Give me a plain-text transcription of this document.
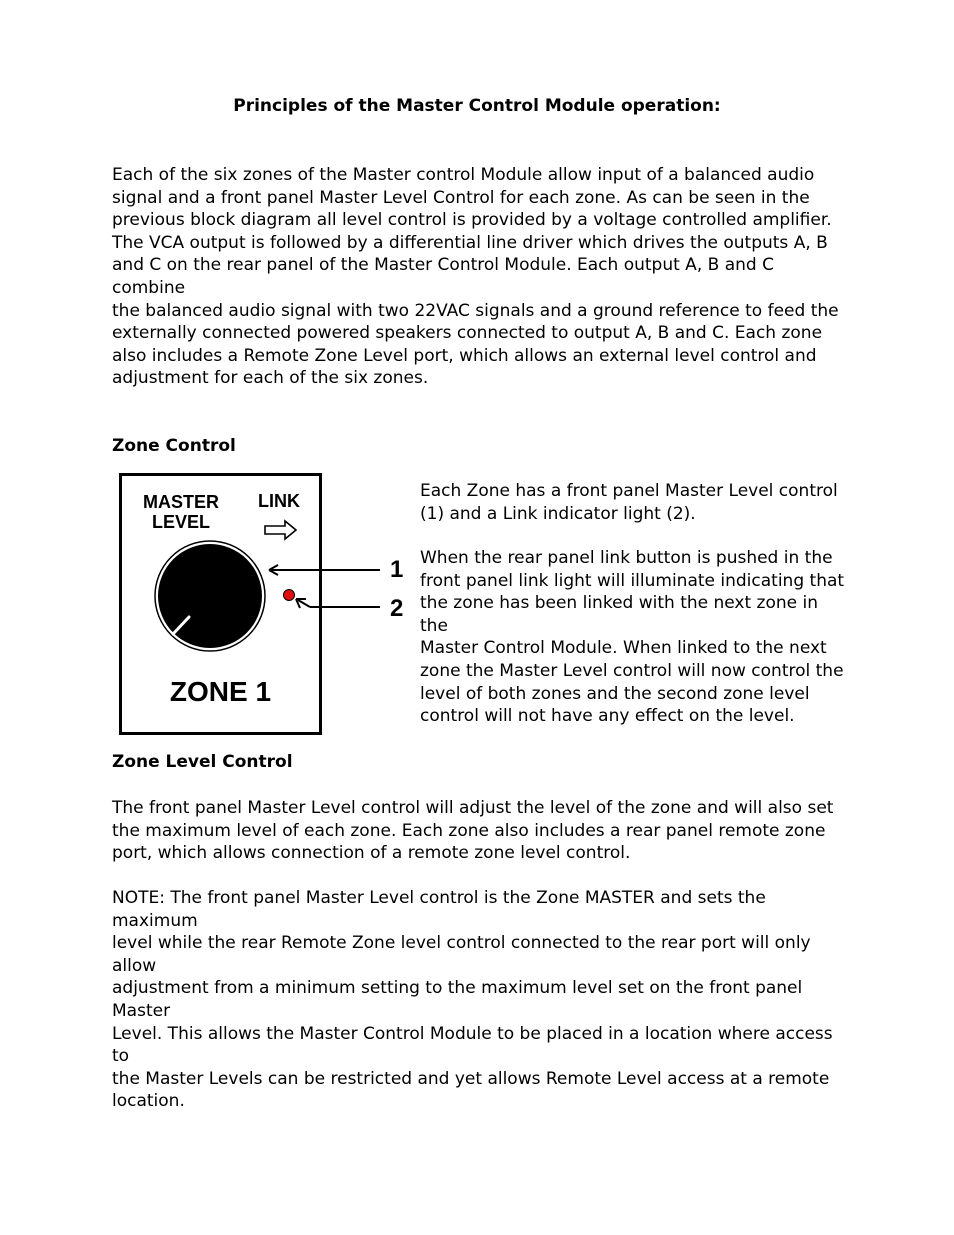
Principles of the Master Control Module operation:
Each of the six zones of the Master control Module allow input of a balanced audio
signal and a front panel Master Level Control for each zone. As can be seen in the
previous block diagram all level control is provided by a voltage controlled amplifier.
The VCA output is followed by a differential line driver which drives the outputs A, B
and C on the rear panel of the Master Control Module. Each output A, B and C combine
the balanced audio signal with two 22VAC signals and a ground reference to feed the
externally connected powered speakers connected to output A, B and C. Each zone
also includes a Remote Zone Level port, which allows an external level control and
adjustment for each of the six zones.
Zone Control
MASTER
LEVEL
LINK
ZONE 1
1
2
Each Zone has a front panel Master Level control
(1) and a Link indicator light (2).
When the rear panel link button is pushed in the
front panel link light will illuminate indicating that
the zone has been linked with the next zone in the
Master Control Module. When linked to the next
zone the Master Level control will now control the
level of both zones and the second zone level
control will not have any effect on the level.
Zone Level Control
The front panel Master Level control will adjust the level of the zone and will also set
the maximum level of each zone. Each zone also includes a rear panel remote zone
port, which allows connection of a remote zone level control.
NOTE: The front panel Master Level control is the Zone MASTER and sets the maximum
level while the rear Remote Zone level control connected to the rear port will only allow
adjustment from a minimum setting to the maximum level set on the front panel Master
Level. This allows the Master Control Module to be placed in a location where access to
the Master Levels can be restricted and yet allows Remote Level access at a remote
location.
